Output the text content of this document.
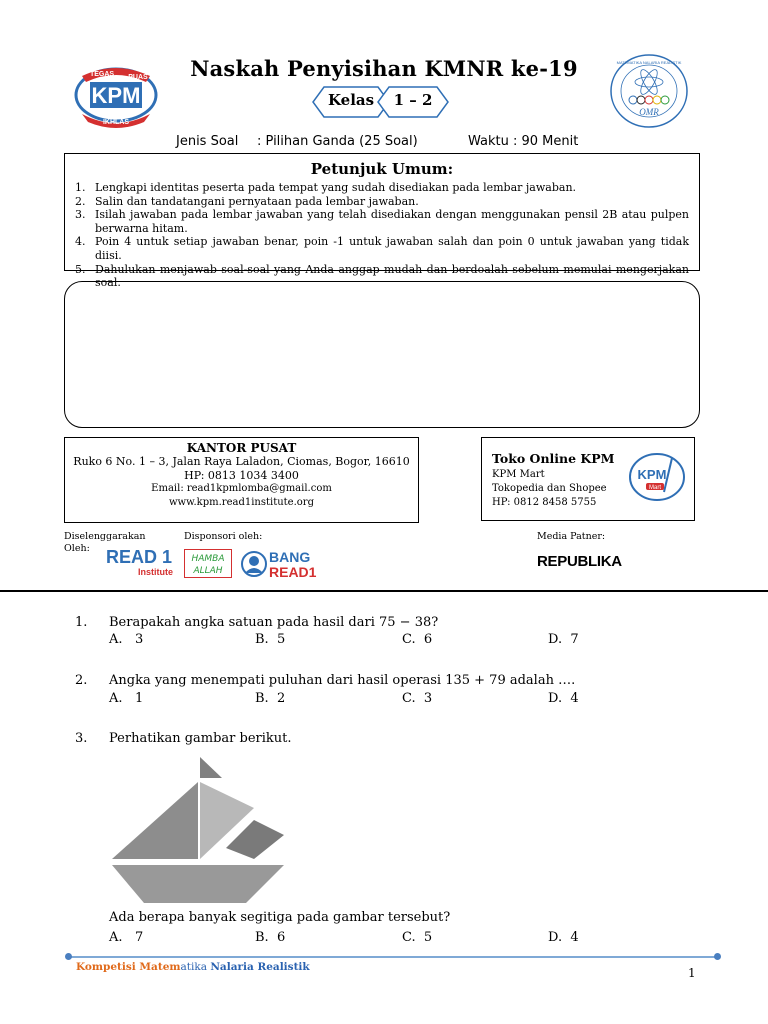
KPM
TEGAS PUAS
IKHLAS
Naskah Penyisihan KMNR ke-19
Kelas	1 – 2
OMR
MATEMATIKA NALARIA REALISTIK
Jenis Soal : Pilihan Ganda (25 Soal)	Waktu : 90 Menit
Petunjuk Umum:
1. Lengkapi identitas peserta pada tempat yang sudah disediakan pada lembar jawaban.
2. Salin dan tandatangani pernyataan pada lembar jawaban.
3. Isilah jawaban pada lembar jawaban yang telah disediakan dengan menggunakan pensil 2B atau pulpen berwarna hitam.
4. Poin 4 untuk setiap jawaban benar, poin -1 untuk jawaban salah dan poin 0 untuk jawaban yang tidak diisi.
5. Dahulukan menjawab soal-soal yang Anda anggap mudah dan berdoalah sebelum memulai mengerjakan soal.
KANTOR PUSAT
Ruko 6 No. 1 – 3, Jalan Raya Laladon, Ciomas, Bogor, 16610
HP: 0813 1034 3400
Email: read1kpmlomba@gmail.com
www.kpm.read1institute.org
Toko Online KPM
KPM Mart
Tokopedia dan Shopee
HP: 0812 8458 5755
KPM
Mart
Diselenggarakan
Oleh: READ 1
Institute
Disponsori oleh:
HAMBA
ALLAH
BANG
READ1
Media Patner:
REPUBLIKA
1. Berapakah angka satuan pada hasil dari 75 − 38?
A. 3	B. 5	C. 6	D. 7
2. Angka yang menempati puluhan dari hasil operasi 135 + 79 adalah ….
A. 1	B. 2	C. 3	D. 4
3. Perhatikan gambar berikut.
Ada berapa banyak segitiga pada gambar tersebut?
A. 7	B. 6	C. 5	D. 4
Kompetisi Matematika Nalaria Realistik	1
